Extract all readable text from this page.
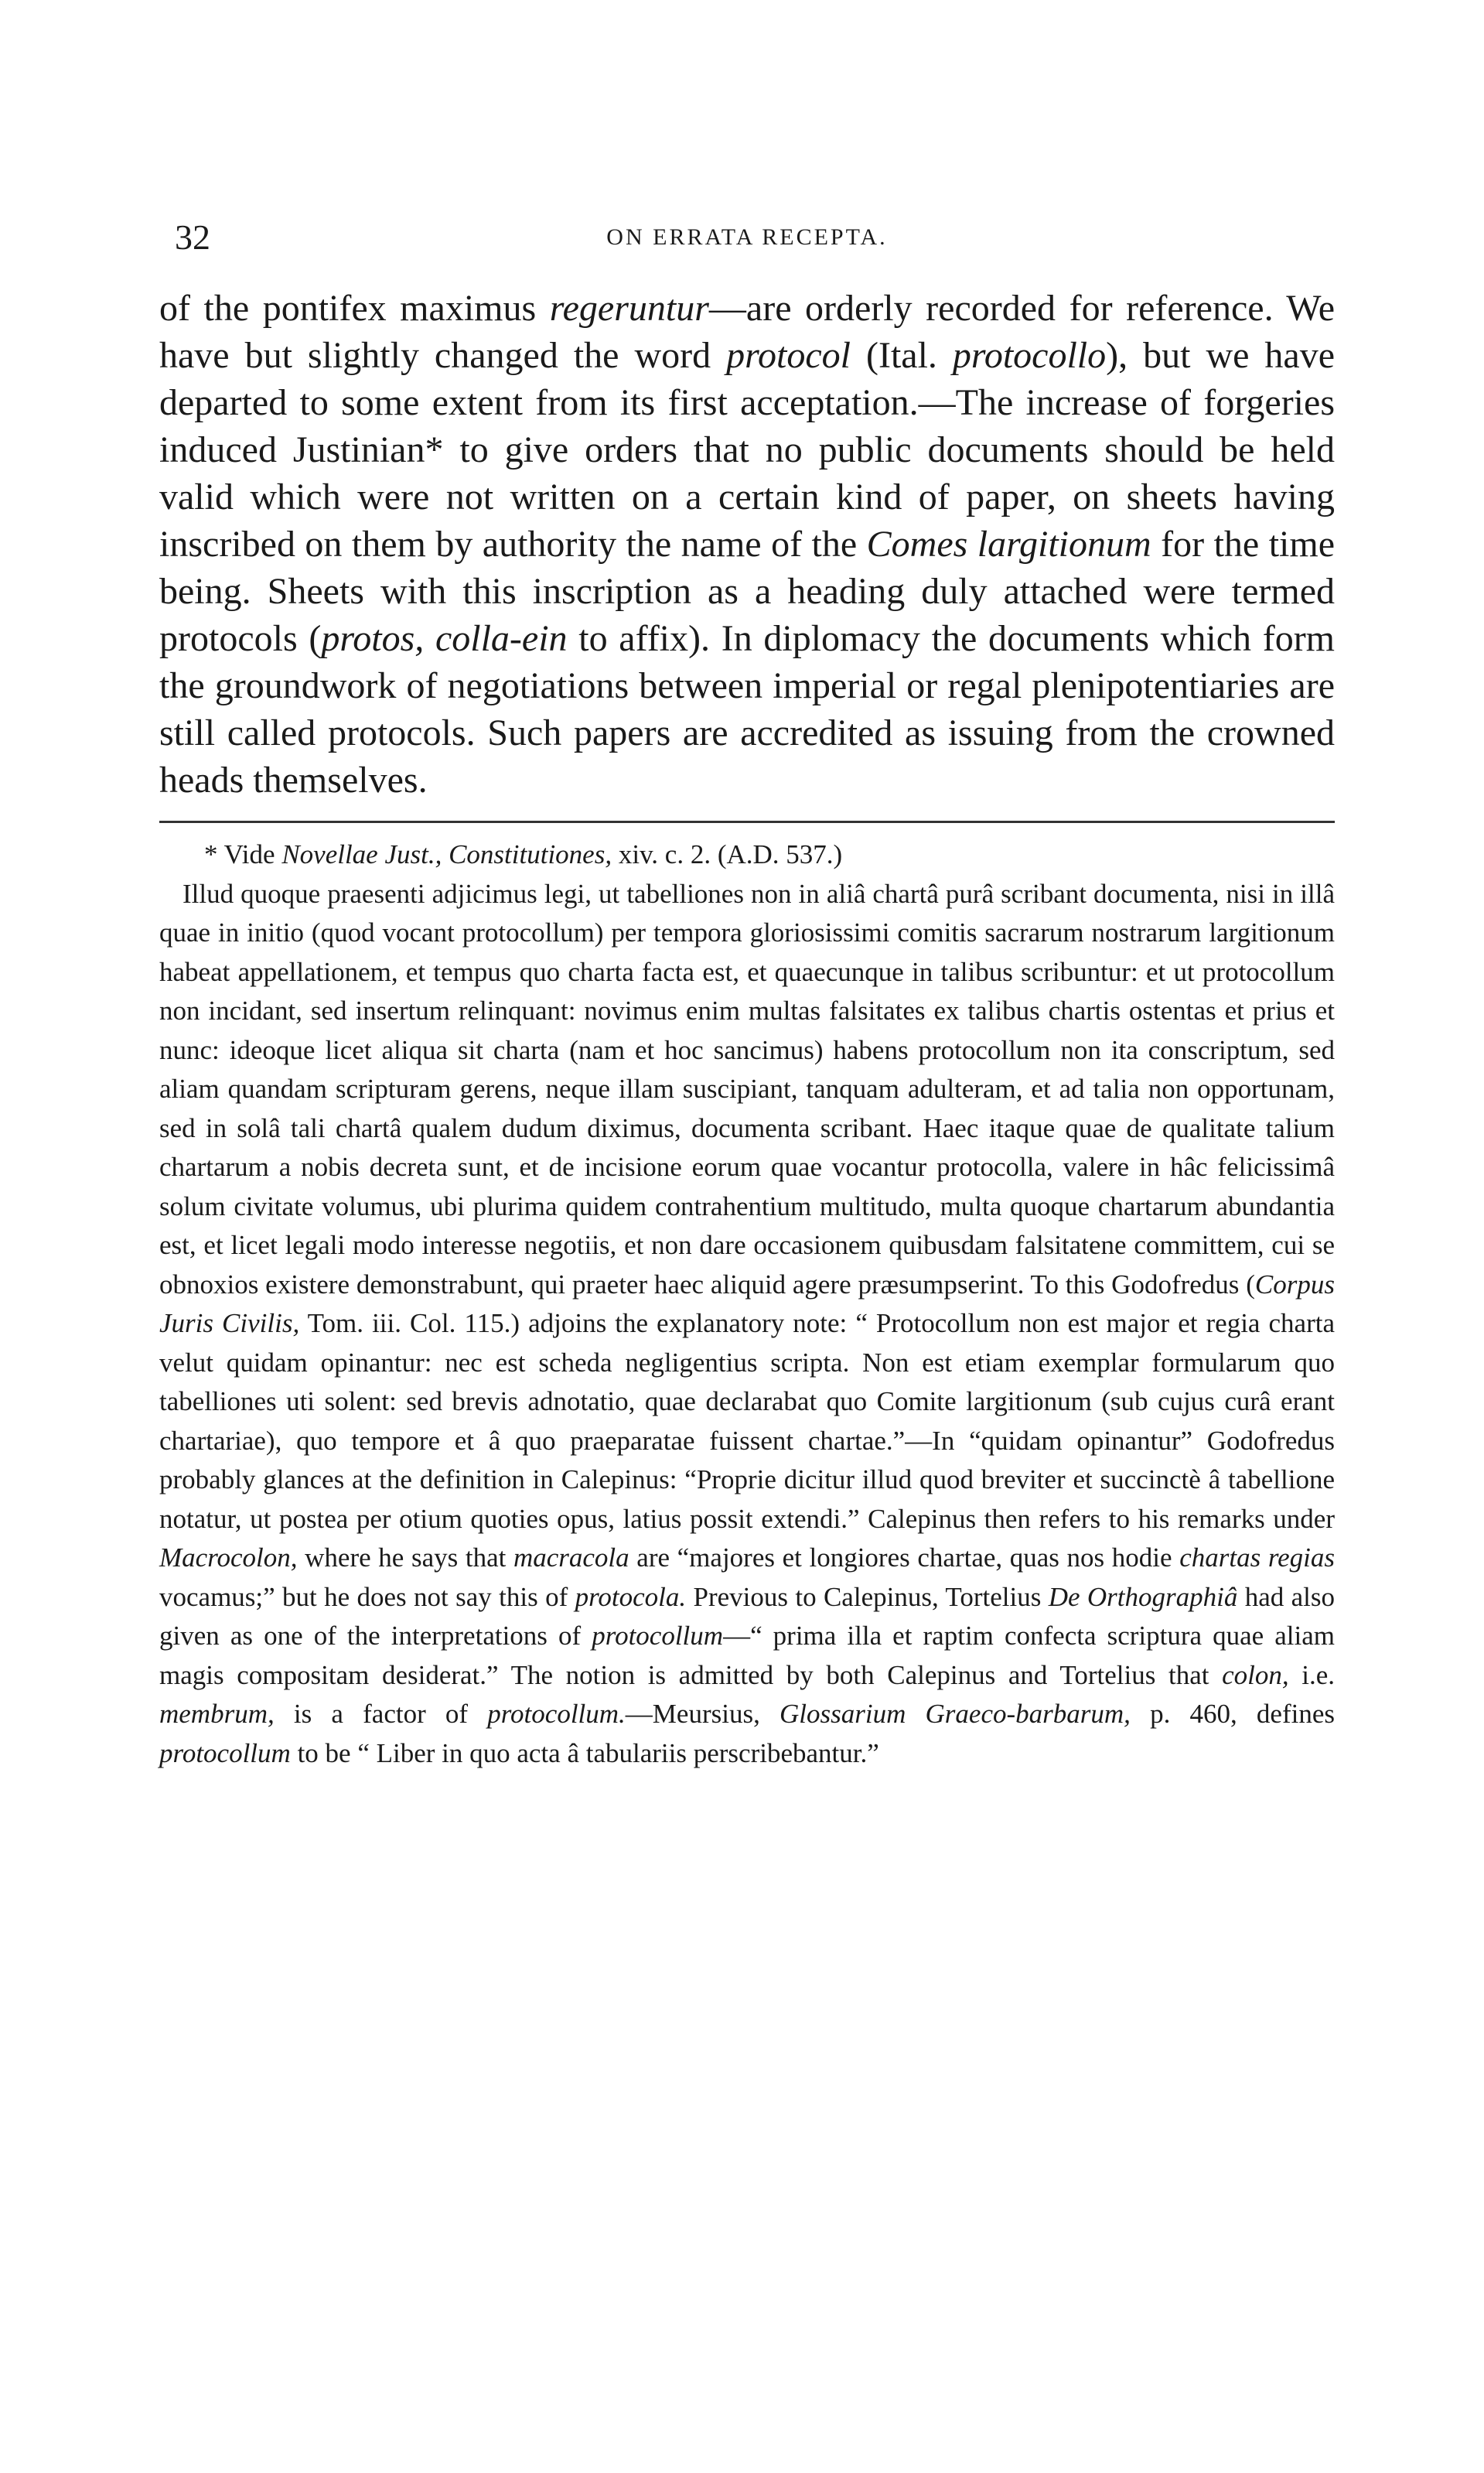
32	ON ERRATA RECEPTA.

of the pontifex maximus regeruntur—are orderly recorded for reference. We have but slightly changed the word protocol (Ital. protocollo), but we have departed to some extent from its first acceptation.—The increase of forgeries induced Justinian* to give orders that no public documents should be held valid which were not written on a certain kind of paper, on sheets having inscribed on them by authority the name of the Comes largitionum for the time being. Sheets with this inscription as a heading duly attached were termed protocols (protos, colla-ein to affix). In diplomacy the documents which form the groundwork of negotiations between imperial or regal plenipotentiaries are still called protocols. Such papers are accredited as issuing from the crowned heads themselves.

* Vide Novellae Just., Constitutiones, xiv. c. 2. (A.D. 537.)

Illud quoque praesenti adjicimus legi, ut tabelliones non in aliâ chartâ purâ scribant documenta, nisi in illâ quae in initio (quod vocant protocollum) per tempora gloriosissimi comitis sacrarum nostrarum largitionum habeat appellationem, et tempus quo charta facta est, et quaecunque in talibus scribuntur: et ut protocollum non incidant, sed insertum relinquant: novimus enim multas falsitates ex talibus chartis ostentas et prius et nunc: ideoque licet aliqua sit charta (nam et hoc sancimus) habens protocollum non ita conscriptum, sed aliam quandam scripturam gerens, neque illam suscipiant, tanquam adulteram, et ad talia non opportunam, sed in solâ tali chartâ qualem dudum diximus, documenta scribant. Haec itaque quae de qualitate talium chartarum a nobis decreta sunt, et de incisione eorum quae vocantur protocolla, valere in hâc felicissimâ solum civitate volumus, ubi plurima quidem contrahentium multitudo, multa quoque chartarum abundantia est, et licet legali modo interesse negotiis, et non dare occasionem quibusdam falsitatene committem, cui se obnoxios existere demonstrabunt, qui praeter haec aliquid agere præsumpserint. To this Godofredus (Corpus Juris Civilis, Tom. iii. Col. 115.) adjoins the explanatory note: “ Protocollum non est major et regia charta velut quidam opinantur: nec est scheda negligentius scripta. Non est etiam exemplar formularum quo tabelliones uti solent: sed brevis adnotatio, quae declarabat quo Comite largitionum (sub cujus curâ erant chartariae), quo tempore et â quo praeparatae fuissent chartae.”—In “quidam opinantur” Godofredus probably glances at the definition in Calepinus: “Proprie dicitur illud quod breviter et succinctè â tabellione notatur, ut postea per otium quoties opus, latius possit extendi.” Calepinus then refers to his remarks under Macrocolon, where he says that macracola are “majores et longiores chartae, quas nos hodie chartas regias vocamus;” but he does not say this of protocola. Previous to Calepinus, Tortelius De Orthographiâ had also given as one of the interpretations of protocollum—“ prima illa et raptim confecta scriptura quae aliam magis compositam desiderat.” The notion is admitted by both Calepinus and Tortelius that colon, i.e. membrum, is a factor of protocollum.—Meursius, Glossarium Graeco-barbarum, p. 460, defines protocollum to be “ Liber in quo acta â tabulariis perscribebantur.”
